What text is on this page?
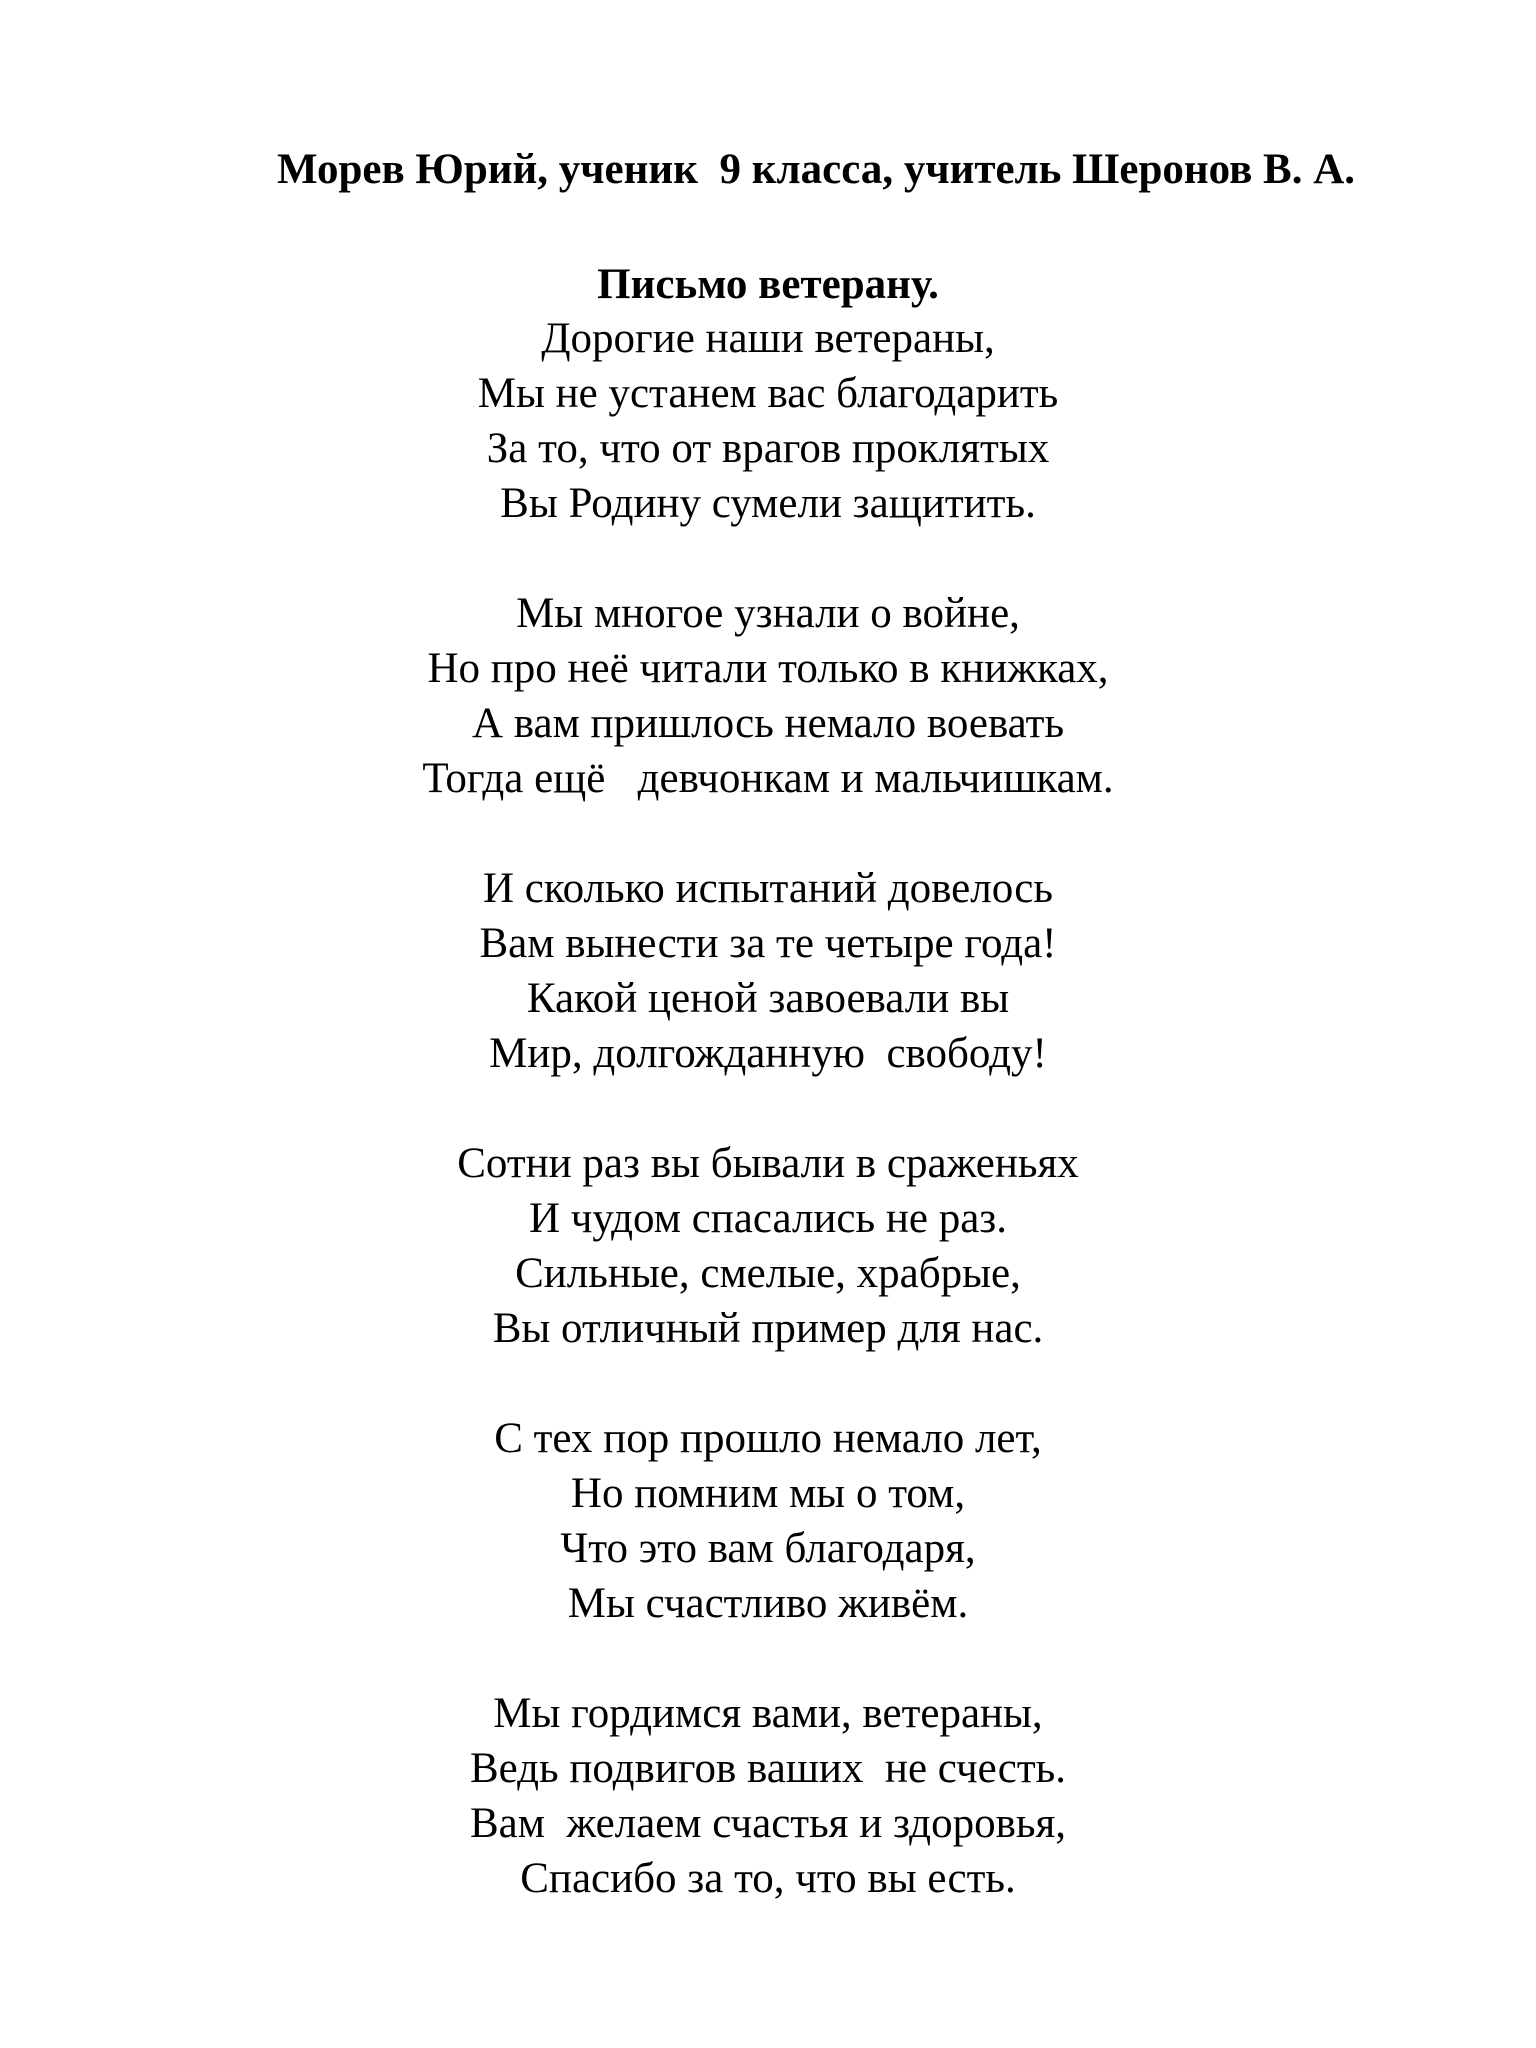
Морев Юрий, ученик  9 класса, учитель Шеронов В. А.
Письмо ветерану.
Дорогие наши ветераны,
Мы не устанем вас благодарить
За то, что от врагов проклятых
Вы Родину сумели защитить.
Мы многое узнали о войне,
Но про неё читали только в книжках,
А вам пришлось немало воевать
Тогда ещё   девчонкам и мальчишкам.
И сколько испытаний довелось
Вам вынести за те четыре года!
Какой ценой завоевали вы
Мир, долгожданную  свободу!
Сотни раз вы бывали в сраженьях
И чудом спасались не раз.
Сильные, смелые, храбрые,
Вы отличный пример для нас.
С тех пор прошло немало лет,
Но помним мы о том,
Что это вам благодаря,
Мы счастливо живём.
Мы гордимся вами, ветераны,
Ведь подвигов ваших  не счесть.
Вам  желаем счастья и здоровья,
Спасибо за то, что вы есть.
